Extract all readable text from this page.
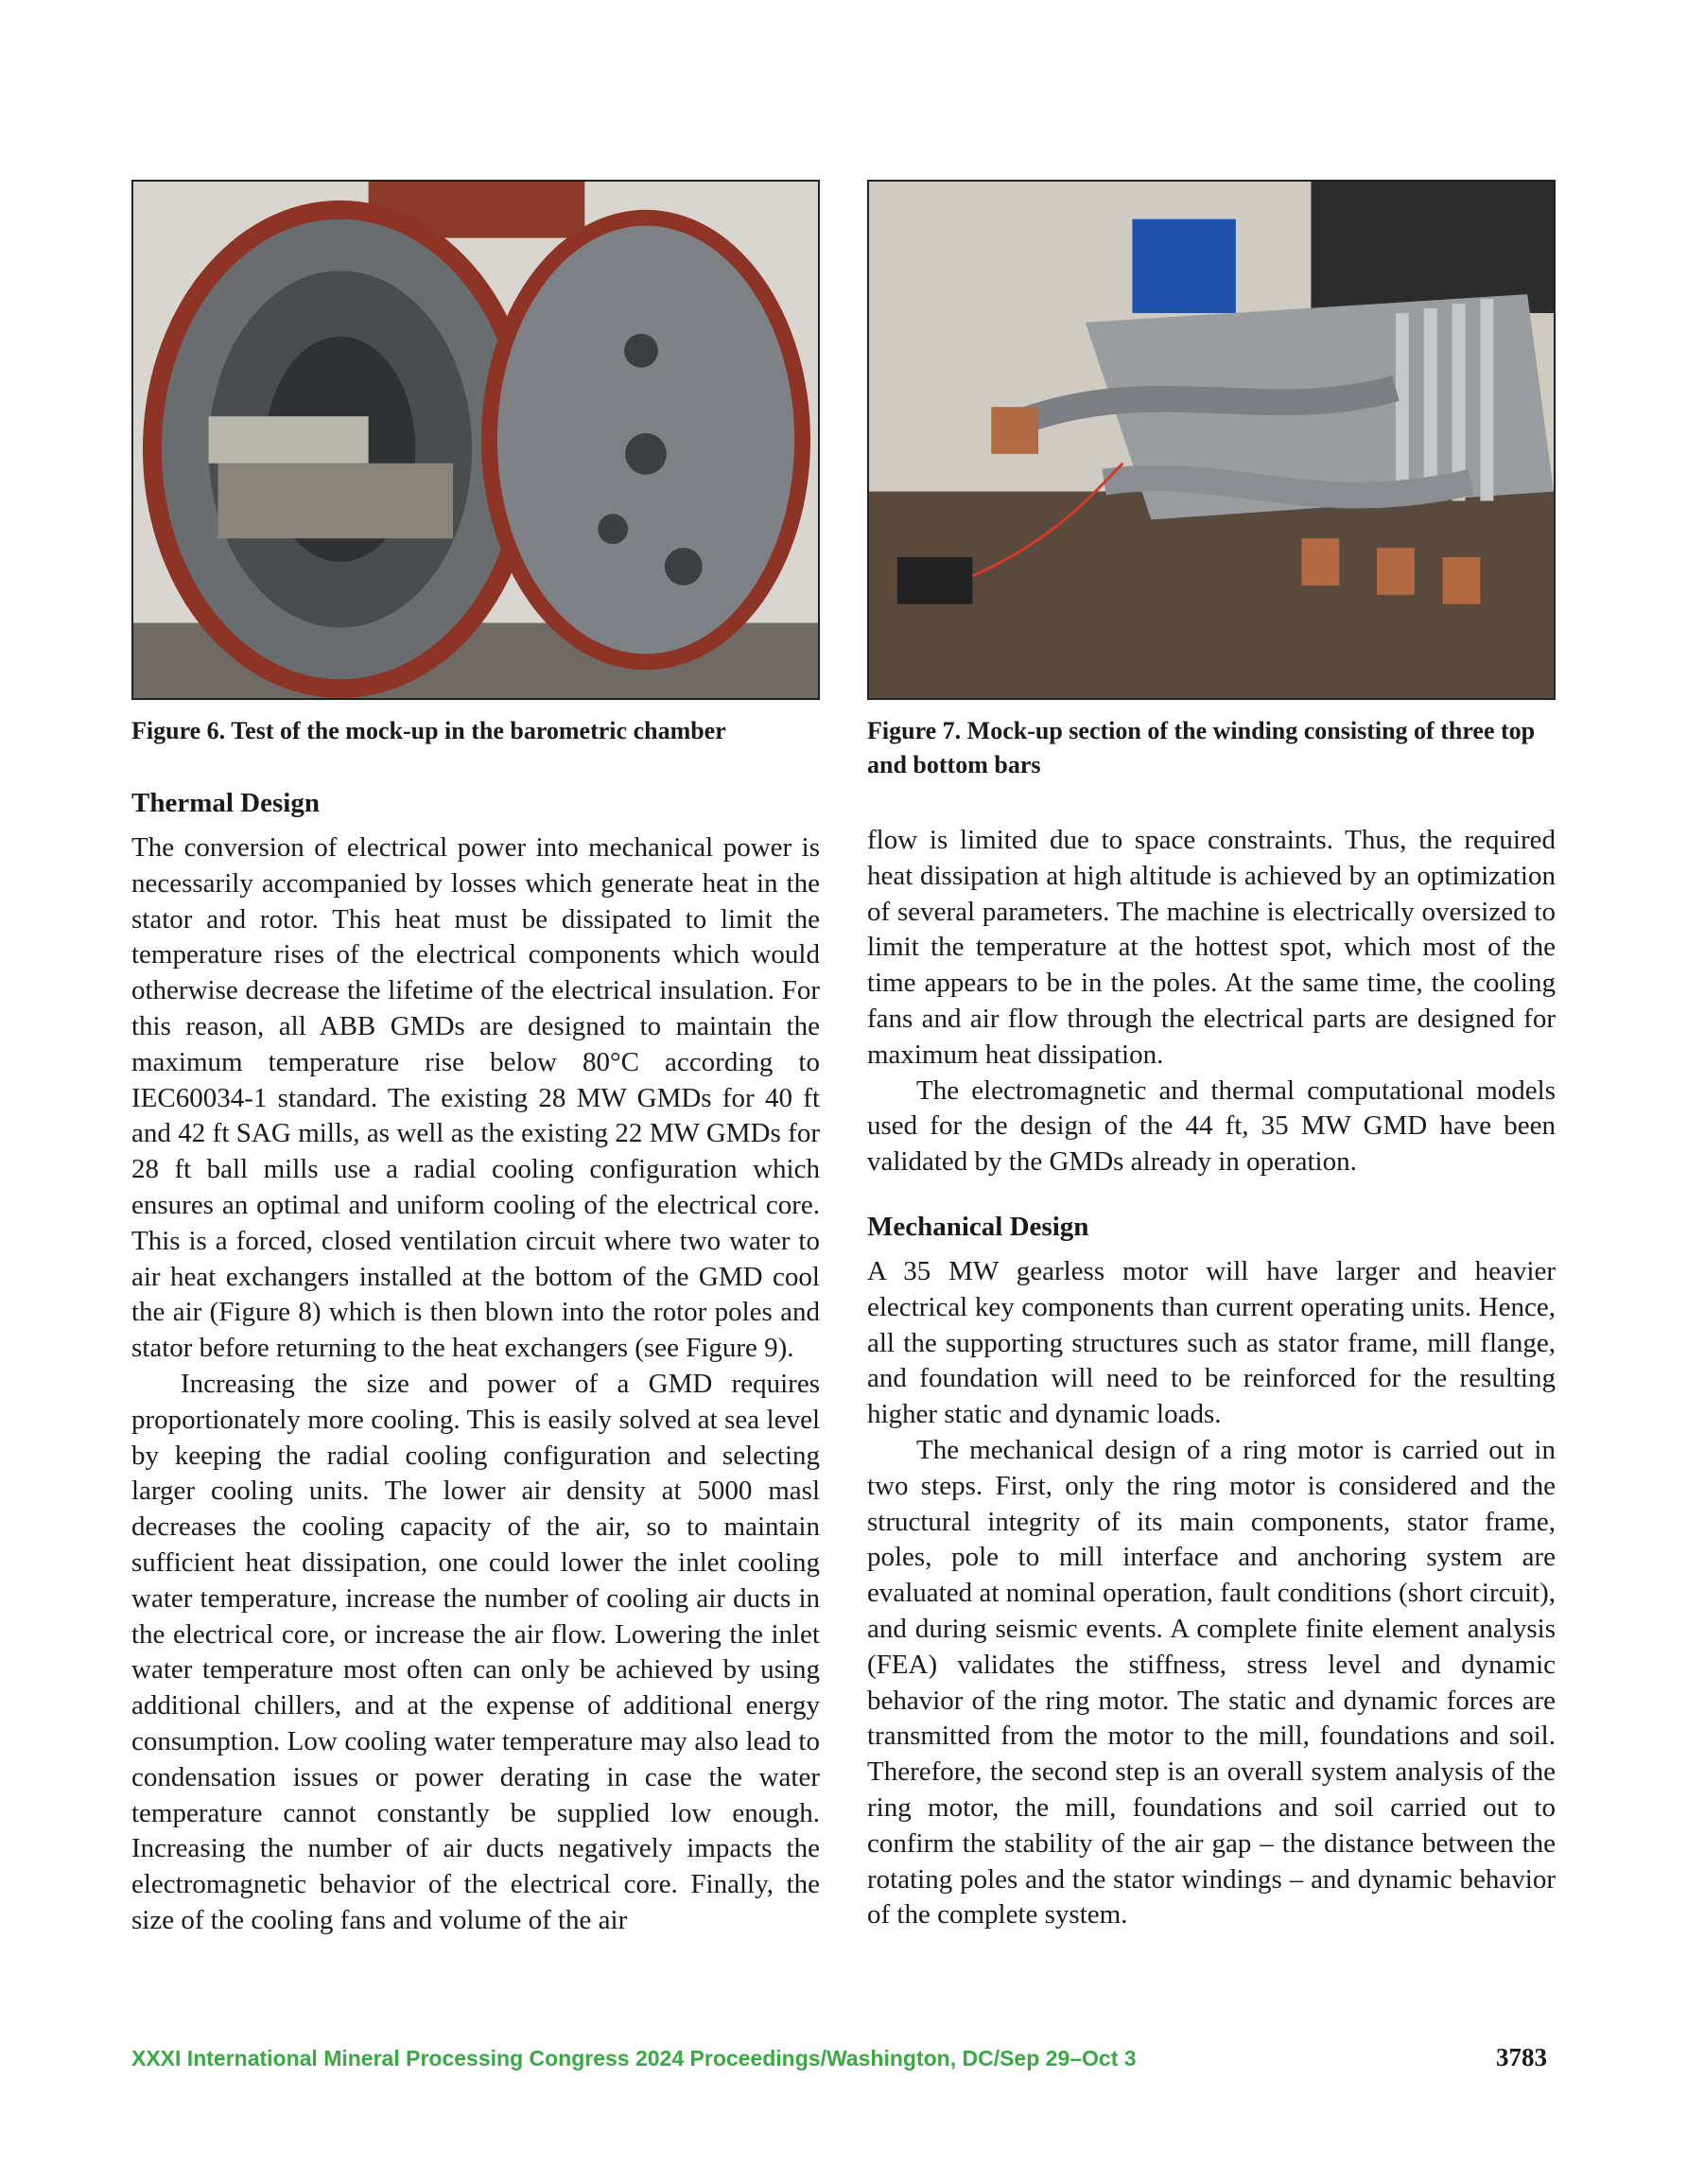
Figure 6. Test of the mock-up in the barometric chamber	Figure 7. Mock-up section of the winding consisting of three top and bottom bars
Thermal Design

The conversion of electrical power into mechanical power is necessarily accompanied by losses which generate heat in the stator and rotor. This heat must be dissipated to limit the temperature rises of the electrical components which would otherwise decrease the lifetime of the electrical insulation. For this reason, all ABB GMDs are designed to maintain the maximum temperature rise below 80°C according to IEC60034-1 standard. The existing 28 MW GMDs for 40 ft and 42 ft SAG mills, as well as the existing 22 MW GMDs for 28 ft ball mills use a radial cooling configuration which ensures an optimal and uniform cooling of the electrical core. This is a forced, closed ventilation circuit where two water to air heat exchangers installed at the bottom of the GMD cool the air (Figure 8) which is then blown into the rotor poles and stator before returning to the heat exchangers (see Figure 9).

Increasing the size and power of a GMD requires proportionately more cooling. This is easily solved at sea level by keeping the radial cooling configuration and selecting larger cooling units. The lower air density at 5000 masl decreases the cooling capacity of the air, so to maintain sufficient heat dissipation, one could lower the inlet cooling water temperature, increase the number of cooling air ducts in the electrical core, or increase the air flow. Lowering the inlet water temperature most often can only be achieved by using additional chillers, and at the expense of additional energy consumption. Low cooling water temperature may also lead to condensation issues or power derating in case the water temperature cannot constantly be supplied low enough. Increasing the number of air ducts negatively impacts the electromagnetic behavior of the electrical core. Finally, the size of the cooling fans and volume of the air

flow is limited due to space constraints. Thus, the required heat dissipation at high altitude is achieved by an optimization of several parameters. The machine is electrically oversized to limit the temperature at the hottest spot, which most of the time appears to be in the poles. At the same time, the cooling fans and air flow through the electrical parts are designed for maximum heat dissipation.

The electromagnetic and thermal computational models used for the design of the 44 ft, 35 MW GMD have been validated by the GMDs already in operation.

Mechanical Design

A 35 MW gearless motor will have larger and heavier electrical key components than current operating units. Hence, all the supporting structures such as stator frame, mill flange, and foundation will need to be reinforced for the resulting higher static and dynamic loads.

The mechanical design of a ring motor is carried out in two steps. First, only the ring motor is considered and the structural integrity of its main components, stator frame, poles, pole to mill interface and anchoring system are evaluated at nominal operation, fault conditions (short circuit), and during seismic events. A complete finite element analysis (FEA) validates the stiffness, stress level and dynamic behavior of the ring motor. The static and dynamic forces are transmitted from the motor to the mill, foundations and soil. Therefore, the second step is an overall system analysis of the ring motor, the mill, foundations and soil carried out to confirm the stability of the air gap – the distance between the rotating poles and the stator windings – and dynamic behavior of the complete system.

XXXI International Mineral Processing Congress 2024 Proceedings/Washington, DC/Sep 29–Oct 3	3783
